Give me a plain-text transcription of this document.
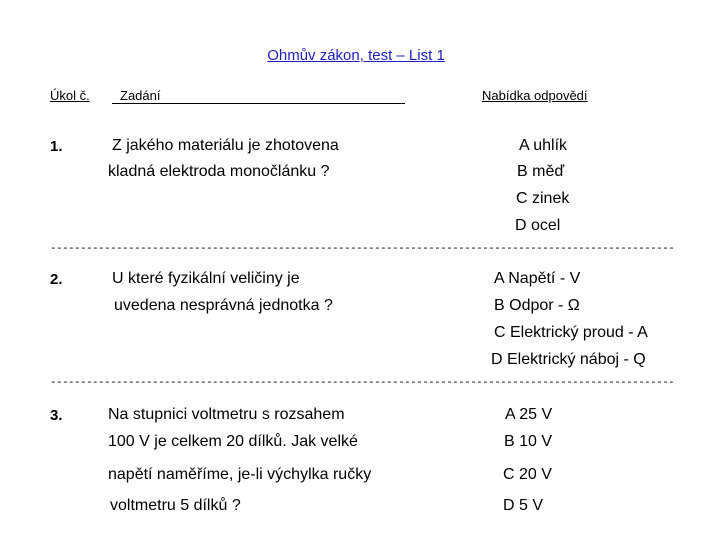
Ohmův zákon, test – List 1
Úkol č. Zadání	Nabídka odpovědí
1.	Z jakého materiálu je zhotovena
kladná elektroda monočlánku ?
A uhlík
B měď
C zinek
D ocel
--------------------------------------------------------------------------------------------------------
2.	U které fyzikální veličiny je
uvedena nesprávná jednotka ?
A Napětí - V
B Odpor - Ω
C Elektrický proud - A
D Elektrický náboj - Q
--------------------------------------------------------------------------------------------------------
3.	Na stupnici voltmetru s rozsahem
100 V je celkem 20 dílků. Jak velké
napětí naměříme, je-li výchylka ručky
voltmetru 5 dílků ?
A 25 V
B 10 V
C 20 V
D 5 V
